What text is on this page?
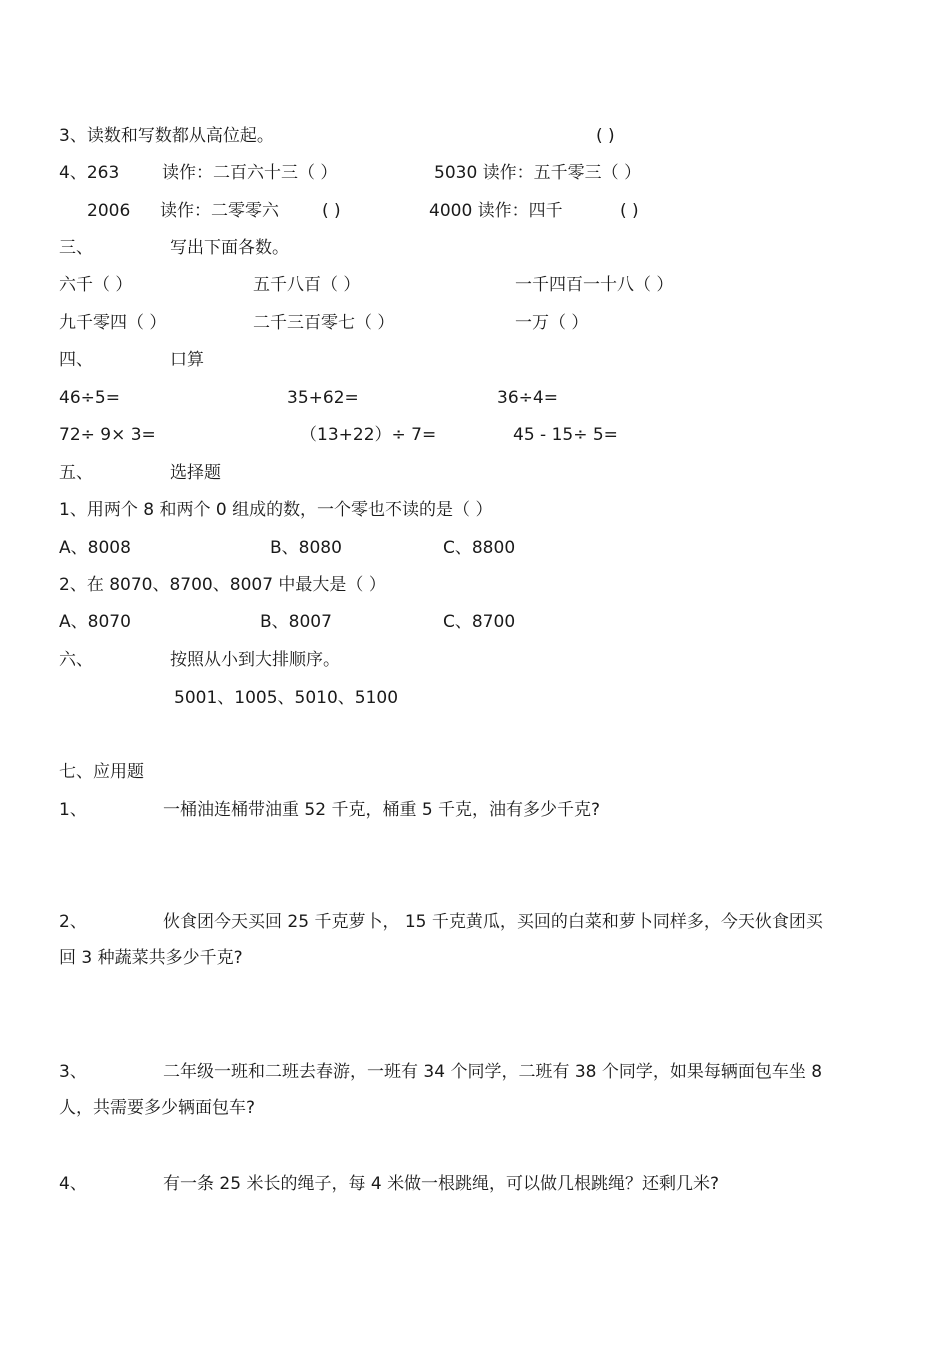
3、读数和写数都从高位起。	( )
4、263	读作：二百六十三（ ）	5030 读作：五千零三（ ）
2006 读作：二零零六	( )	4000 读作：四千	( )
三、	写出下面各数。
六千（ ）	五千八百（ ）	一千四百一十八（ ）
九千零四（ ）	二千三百零七（ ）	一万（ ）
四、	口算
46÷5=	35+62=	36÷4=
72÷ 9× 3=	（13+22）÷ 7=	45 - 15÷ 5=
五、	选择题
1、用两个 8 和两个 0 组成的数，一个零也不读的是（ ）
A、8008	B、8080	C、8800
2、在 8070、8700、8007 中最大是（ ）
A、8070	B、8007	C、8700
六、	按照从小到大排顺序。
5001、1005、5010、5100
七、应用题
1、	一桶油连桶带油重 52 千克，桶重 5 千克，油有多少千克?
2、	伙食团今天买回 25 千克萝卜， 15 千克黄瓜，买回的白菜和萝卜同样多，今天伙食团买
回 3 种蔬菜共多少千克?
3、	二年级一班和二班去春游，一班有 34 个同学，二班有 38 个同学，如果每辆面包车坐 8
人，共需要多少辆面包车?
4、	有一条 25 米长的绳子，每 4 米做一根跳绳，可以做几根跳绳？还剩几米?
